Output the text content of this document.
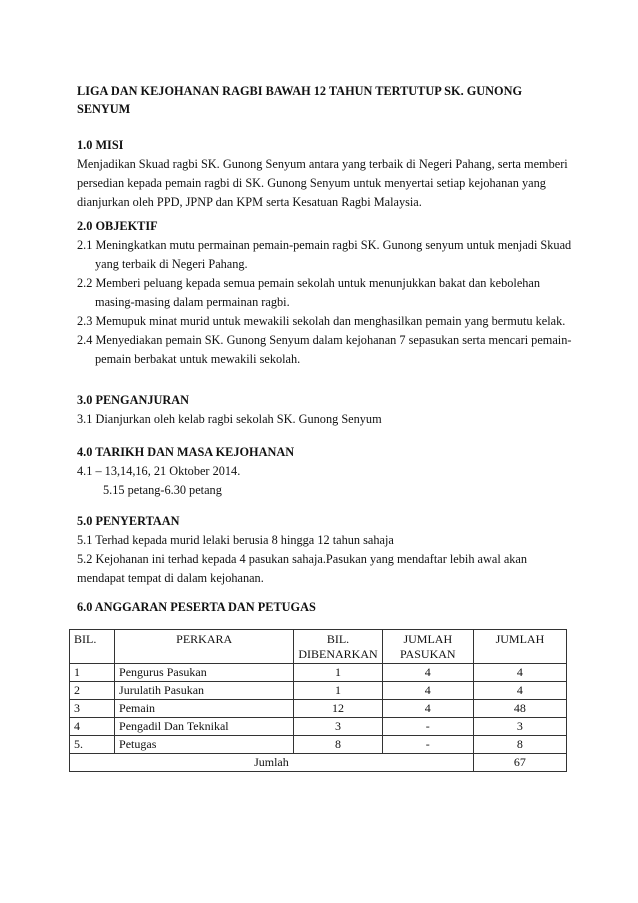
LIGA DAN KEJOHANAN RAGBI BAWAH 12 TAHUN TERTUTUP SK. GUNONG SENYUM
1.0 MISI

Menjadikan Skuad ragbi SK. Gunong Senyum antara yang terbaik di Negeri Pahang, serta memberi persedian kepada pemain ragbi di SK. Gunong Senyum untuk menyertai setiap kejohanan yang dianjurkan oleh PPD, JPNP dan KPM serta Kesatuan Ragbi Malaysia.

2.0 OBJEKTIF
2.1 Meningkatkan mutu permainan pemain-pemain ragbi SK. Gunong senyum untuk menjadi Skuad yang terbaik di Negeri Pahang.
2.2 Memberi peluang kepada semua pemain sekolah untuk menunjukkan bakat dan kebolehan masing-masing dalam permainan ragbi.
2.3 Memupuk minat murid untuk mewakili sekolah dan menghasilkan pemain yang bermutu kelak.
2.4 Menyediakan pemain SK. Gunong Senyum dalam kejohanan 7 sepasukan serta mencari pemain-pemain berbakat untuk mewakili sekolah.
3.0 PENGANJURAN
3.1 Dianjurkan oleh kelab ragbi sekolah SK. Gunong Senyum
4.0 TARIKH DAN MASA KEJOHANAN
4.1 – 13,14,16, 21 Oktober 2014.
5.15 petang-6.30 petang
5.0 PENYERTAAN
5.1 Terhad kepada murid lelaki berusia 8 hingga 12 tahun sahaja
5.2 Kejohanan ini terhad kepada 4 pasukan sahaja.Pasukan yang mendaftar lebih awal akan mendapat tempat di dalam kejohanan.
6.0 ANGGARAN PESERTA DAN PETUGAS
BIL.	PERKARA	BIL. DIBENARKAN	JUMLAH PASUKAN	JUMLAH
1	Pengurus Pasukan	1	4	4
2	Jurulatih Pasukan	1	4	4
3	Pemain	12	4	48
4	Pengadil Dan Teknikal	3	-	3
5.	Petugas	8	-	8
Jumlah				67
